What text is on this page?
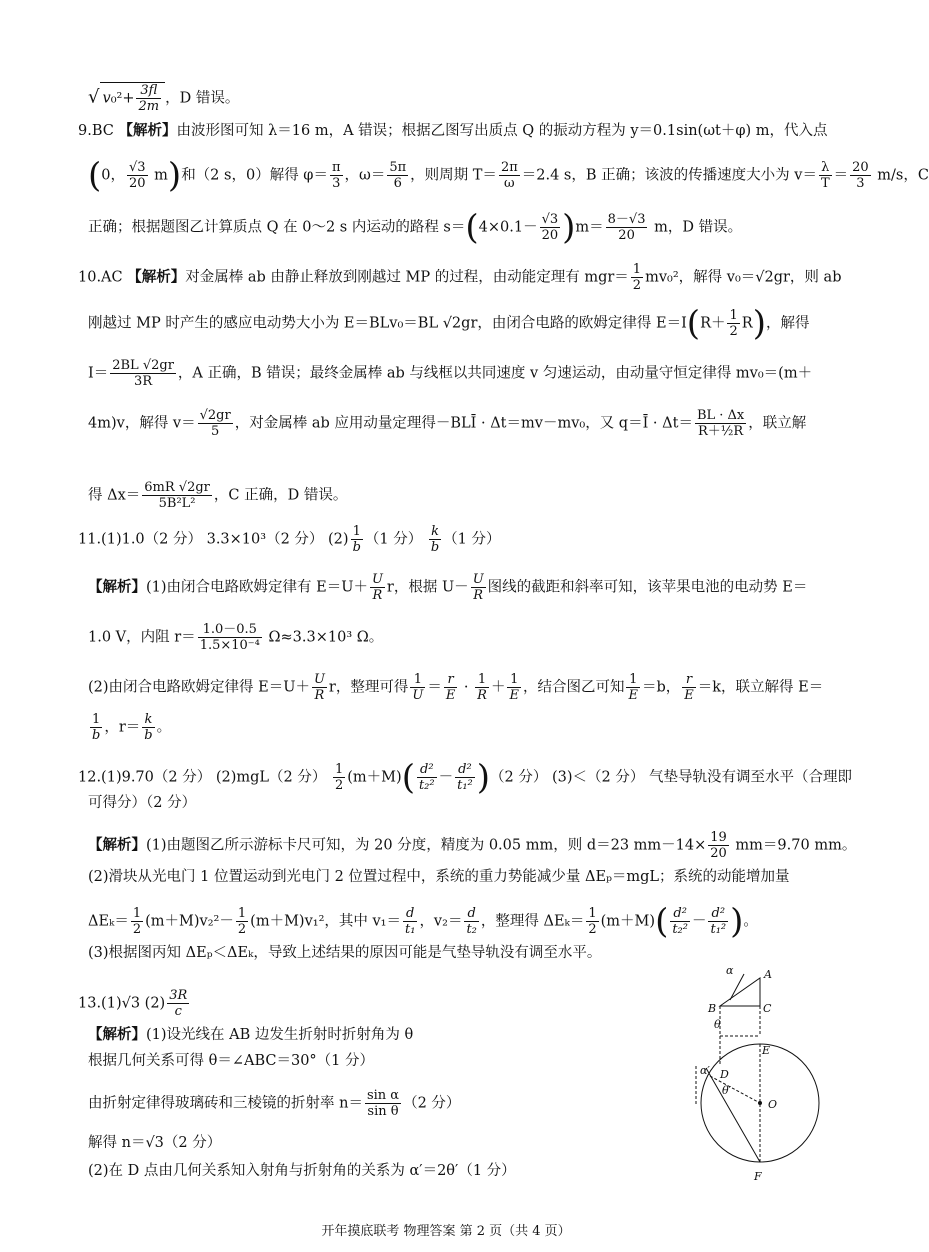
√ $v_0^2+ \frac{3fl}{2m}$ ，D 错误。
9.BC 【解析】由波形图可知 λ＝16 m，A 错误；根据乙图写出质点 Q 的振动方程为 y＝0.1sin(ωt＋φ) m，代入点
(0， $\frac{√3}{20} m$)和（2 s，0）解得 $\varphi= \frac{\pi}{3}$ ，$\omega= \frac{5\pi}{6}$ ，则周期 $T= \frac{2\pi}{\omega} =2.4$ s，B 正确；该波的传播速度大小为 $v= \frac{\lambda}{T} = \frac{20}{3} m/s$，C
正确；根据题图乙计算质点 Q 在 0～2 s 内运动的路程 $s=(4\times 0.1- \frac{√3}{20} )m= \frac{8-√3}{20}$ m，D 错误。
10.AC 【解析】对金属棒 ab 由静止释放到刚越过 MP 的过程，由动能定理有 $mgr= \frac{1}{2} mv_0^2$，解得 v₀＝√2gr，则 ab
刚越过 MP 时产生的感应电动势大小为 E＝BLv₀＝BL √2gr，由闭合电路的欧姆定律得 $E=I(R+ \frac{1}{2} R)$，解得
$I= \frac{2BL √2gr}{3R}$ ，A 正确，B 错误；最终金属棒 ab 与线框以共同速度 v 匀速运动，由动量守恒定律得 mv₀＝(m＋
4m)v，解得 $v= \frac{√2gr}{5}$ ，对金属棒 ab 应用动量定理得－BLĪ · Δt＝mv－mv₀，又 q＝Ī · $\Delta t= \frac{BL \cdot \Delta x}{\text{R＋½R}}$ ，联立解
得 $\Delta x= \frac{6mR √2gr}{\text{5B²L²}}$ ，C 正确，D 错误。
11.(1)1.0（2 分） 3.3×10³（2 分） $(2) \frac{1}{b} (1$ 分） $\frac{k}{b} (1$ 分）
【解析】(1)由闭合电路欧姆定律有 $E=U+ \frac{U}{R}$ r，根据 $U- \frac{U}{R}$ 图线的截距和斜率可知，该苹果电池的电动势 E＝
1.0 V，内阻 $r= \frac{1.0-0.5}{\text{1.5×10⁻⁴}} \Omega\approx 3.3\times 10^3$ Ω。
(2)由闭合电路欧姆定律得 $E=U+ \frac{U}{R}$ r，整理可得 $\frac{1}{U} = \frac{r}{E} \cdot \frac{1}{R} + \frac{1}{E}$ ，结合图乙可知 $\frac{1}{E} =b$， $\frac{r}{E} =k$，联立解得 E＝
$\frac{1}{b}$ ，$r= \frac{k}{b}$ 。
12.(1)9.70（2 分） (2)mgL（2 分） $\frac{1}{2} (m+M)( \frac{\text{d²}}{\text{t₂²}} - \frac{\text{d²}}{\text{t₁²}} )(2$ 分） (3)＜（2 分） 气垫导轨没有调至水平（合理即
可得分）（2 分）
【解析】(1)由题图乙所示游标卡尺可知，为 20 分度，精度为 0.05 mm，则 d＝23 $mm-14\times \frac{19}{20} mm=9.70$ mm。
(2)滑块从光电门 1 位置运动到光电门 2 位置过程中，系统的重力势能减少量 ΔEₚ＝mgL；系统的动能增加量
$\Delta E_k= \frac{1}{2} (m+M)v_2^2- \frac{1}{2} (m+M)v_1^2$，其中 $v_1= \frac{d}{\text{t₁}}$ ，$v_2= \frac{d}{\text{t₂}}$ ，整理得 $\Delta E_k= \frac{1}{2} (m+M)( \frac{\text{d²}}{\text{t₂²}} - \frac{\text{d²}}{\text{t₁²}}$ )。
(3)根据图丙知 ΔEₚ＜ΔEₖ，导致上述结果的原因可能是气垫导轨没有调至水平。
13.(1)√3 $(2) \frac{3R}{c}$
【解析】(1)设光线在 AB 边发生折射时折射角为 θ
根据几何关系可得 θ＝∠ABC＝30°（1 分）
由折射定律得玻璃砖和三棱镜的折射率 $n= \frac{\text{sin α}}{\text{sin θ}} (2$ 分）
解得 n＝√3（2 分）
(2)在 D 点由几何关系知入射角与折射角的关系为 α′＝2θ′（1 分）
A
B	C
E
D
O
F
θ
α
α′
θ′
开年摸底联考 物理答案 第 2 页（共 4 页）
